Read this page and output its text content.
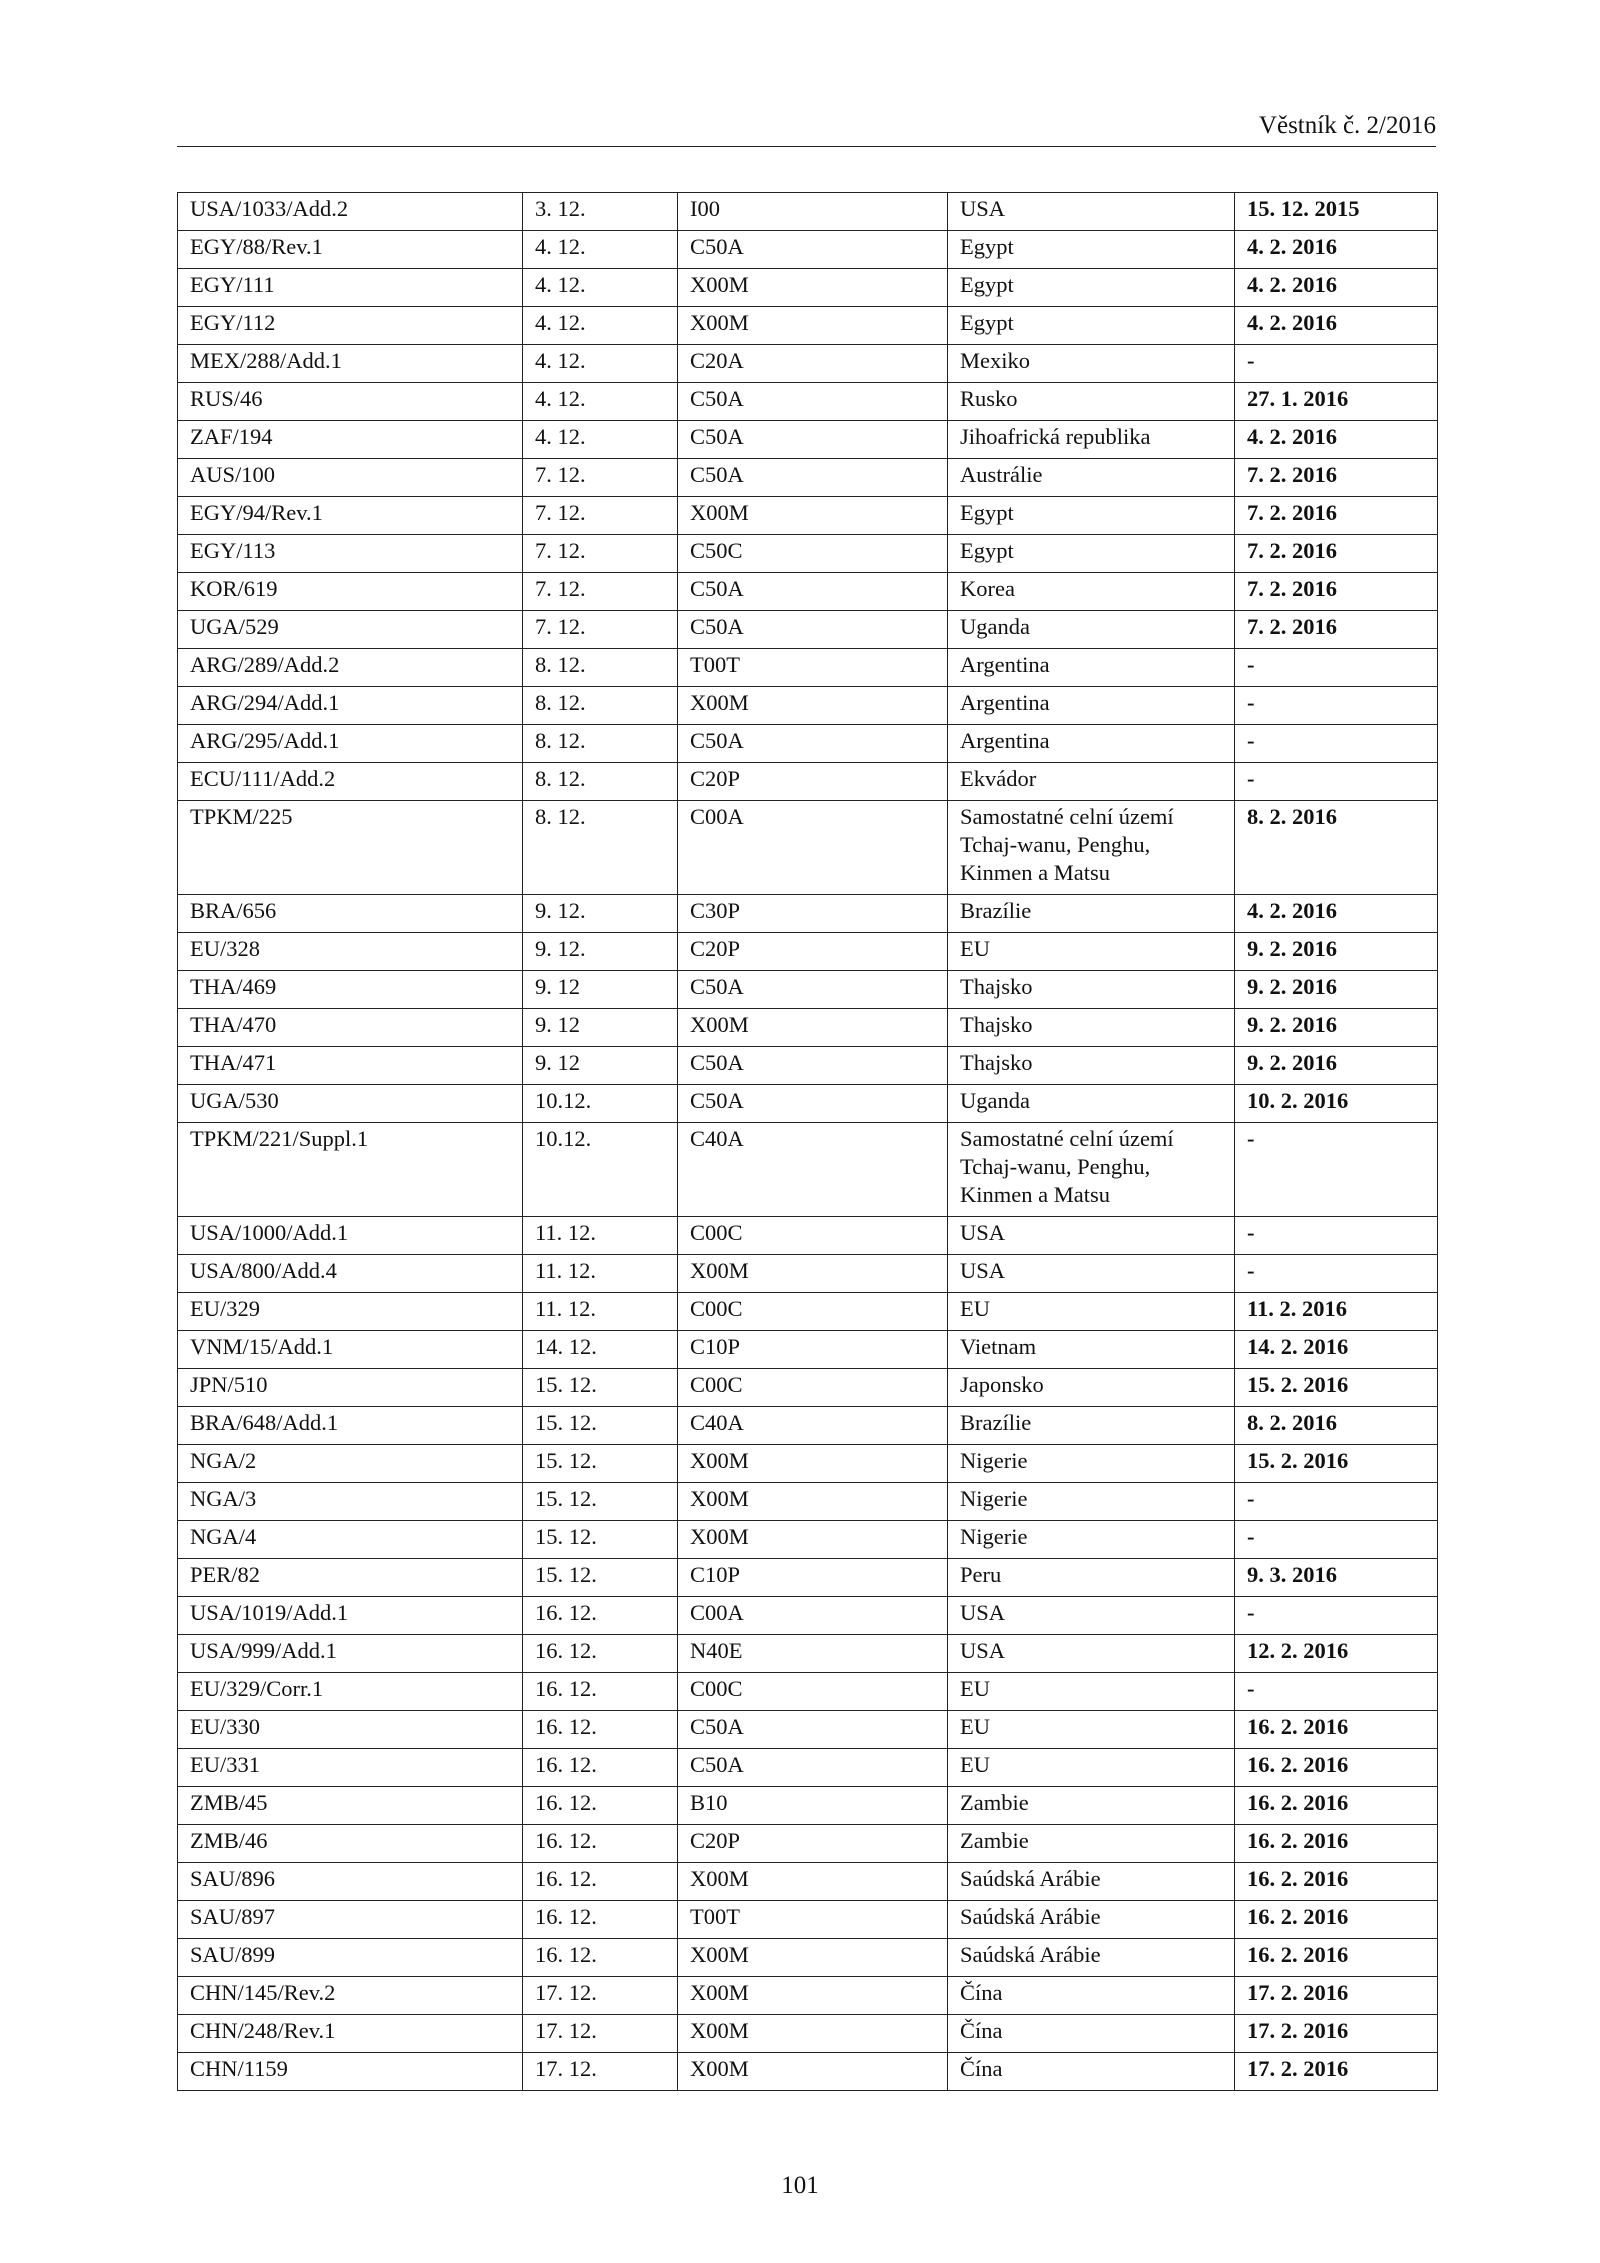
Věstník č. 2/2016
USA/1033/Add.2	3. 12.	I00	USA	15. 12. 2015
EGY/88/Rev.1	4. 12.	C50A	Egypt	4. 2. 2016
EGY/111	4. 12.	X00M	Egypt	4. 2. 2016
EGY/112	4. 12.	X00M	Egypt	4. 2. 2016
MEX/288/Add.1	4. 12.	C20A	Mexiko	-
RUS/46	4. 12.	C50A	Rusko	27. 1. 2016
ZAF/194	4. 12.	C50A	Jihoafrická republika	4. 2. 2016
AUS/100	7. 12.	C50A	Austrálie	7. 2. 2016
EGY/94/Rev.1	7. 12.	X00M	Egypt	7. 2. 2016
EGY/113	7. 12.	C50C	Egypt	7. 2. 2016
KOR/619	7. 12.	C50A	Korea	7. 2. 2016
UGA/529	7. 12.	C50A	Uganda	7. 2. 2016
ARG/289/Add.2	8. 12.	T00T	Argentina	-
ARG/294/Add.1	8. 12.	X00M	Argentina	-
ARG/295/Add.1	8. 12.	C50A	Argentina	-
ECU/111/Add.2	8. 12.	C20P	Ekvádor	-
TPKM/225	8. 12.	C00A	Samostatné celní území
Tchaj-wanu, Penghu,
Kinmen a Matsu	8. 2. 2016
BRA/656	9. 12.	C30P	Brazílie	4. 2. 2016
EU/328	9. 12.	C20P	EU	9. 2. 2016
THA/469	9. 12	C50A	Thajsko	9. 2. 2016
THA/470	9. 12	X00M	Thajsko	9. 2. 2016
THA/471	9. 12	C50A	Thajsko	9. 2. 2016
UGA/530	10.12.	C50A	Uganda	10. 2. 2016
TPKM/221/Suppl.1	10.12.	C40A	Samostatné celní území
Tchaj-wanu, Penghu,
Kinmen a Matsu	-
USA/1000/Add.1	11. 12.	C00C	USA	-
USA/800/Add.4	11. 12.	X00M	USA	-
EU/329	11. 12.	C00C	EU	11. 2. 2016
VNM/15/Add.1	14. 12.	C10P	Vietnam	14. 2. 2016
JPN/510	15. 12.	C00C	Japonsko	15. 2. 2016
BRA/648/Add.1	15. 12.	C40A	Brazílie	8. 2. 2016
NGA/2	15. 12.	X00M	Nigerie	15. 2. 2016
NGA/3	15. 12.	X00M	Nigerie	-
NGA/4	15. 12.	X00M	Nigerie	-
PER/82	15. 12.	C10P	Peru	9. 3. 2016
USA/1019/Add.1	16. 12.	C00A	USA	-
USA/999/Add.1	16. 12.	N40E	USA	12. 2. 2016
EU/329/Corr.1	16. 12.	C00C	EU	-
EU/330	16. 12.	C50A	EU	16. 2. 2016
EU/331	16. 12.	C50A	EU	16. 2. 2016
ZMB/45	16. 12.	B10	Zambie	16. 2. 2016
ZMB/46	16. 12.	C20P	Zambie	16. 2. 2016
SAU/896	16. 12.	X00M	Saúdská Arábie	16. 2. 2016
SAU/897	16. 12.	T00T	Saúdská Arábie	16. 2. 2016
SAU/899	16. 12.	X00M	Saúdská Arábie	16. 2. 2016
CHN/145/Rev.2	17. 12.	X00M	Čína	17. 2. 2016
CHN/248/Rev.1	17. 12.	X00M	Čína	17. 2. 2016
CHN/1159	17. 12.	X00M	Čína	17. 2. 2016
101
